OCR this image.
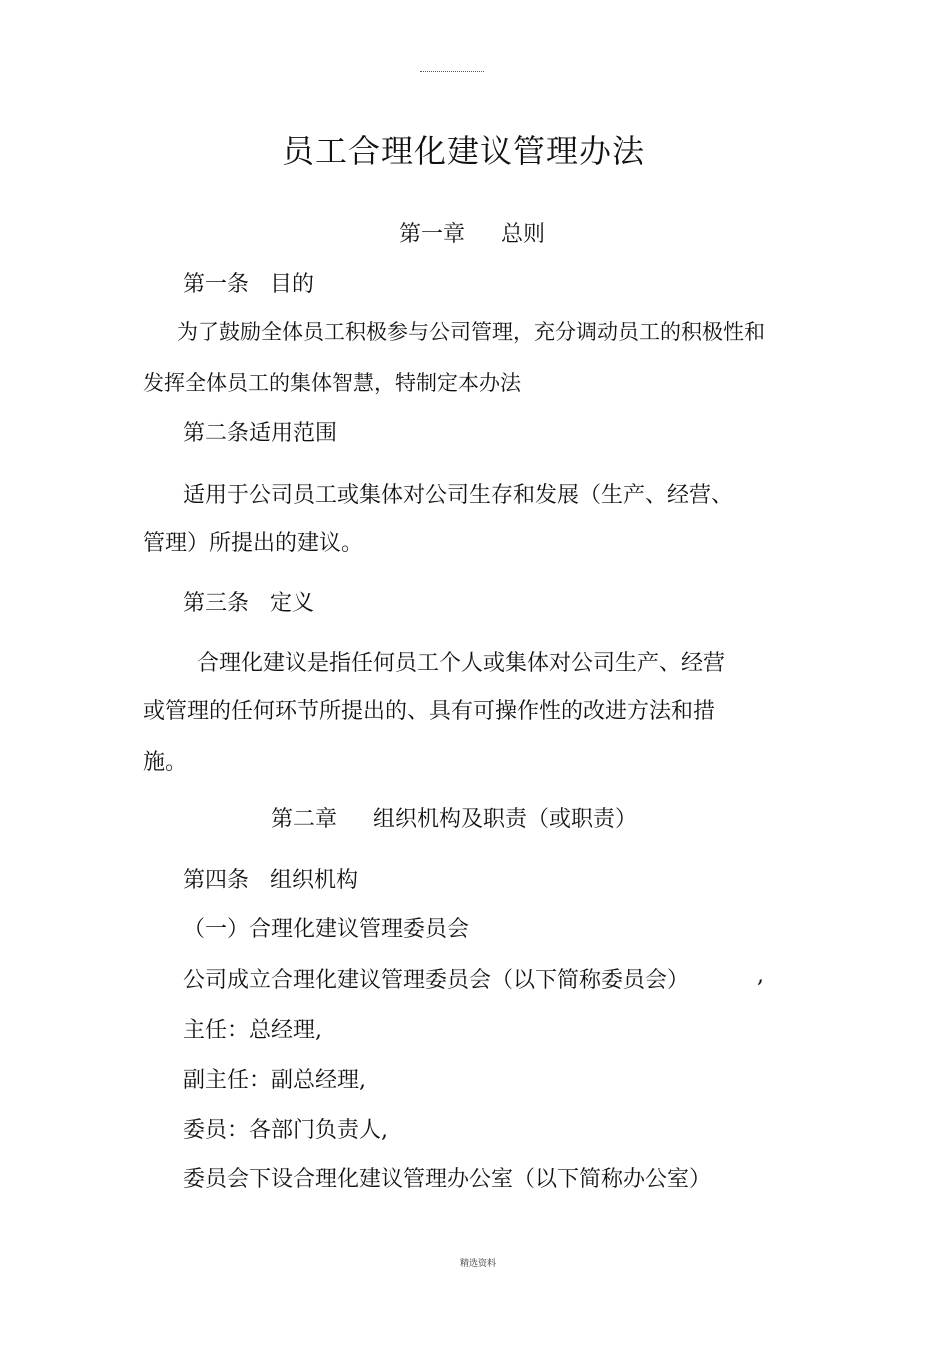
员工合理化建议管理办法
第一章 总则
第一条 目的
为了鼓励全体员工积极参与公司管理，充分调动员工的积极性和
发挥全体员工的集体智慧，特制定本办法
第二条适用范围
适用于公司员工或集体对公司生存和发展（生产、经营、
管理）所提出的建议。
第三条 定义
合理化建议是指任何员工个人或集体对公司生产、经营
或管理的任何环节所提出的、具有可操作性的改进方法和措
施。
第二章 组织机构及职责（或职责）
第四条 组织机构
（一）合理化建议管理委员会
公司成立合理化建议管理委员会（以下简称委员会）	,
主任：总经理,
副主任：副总经理,
委员：各部门负责人,
委员会下设合理化建议管理办公室（以下简称办公室）
精选资料
